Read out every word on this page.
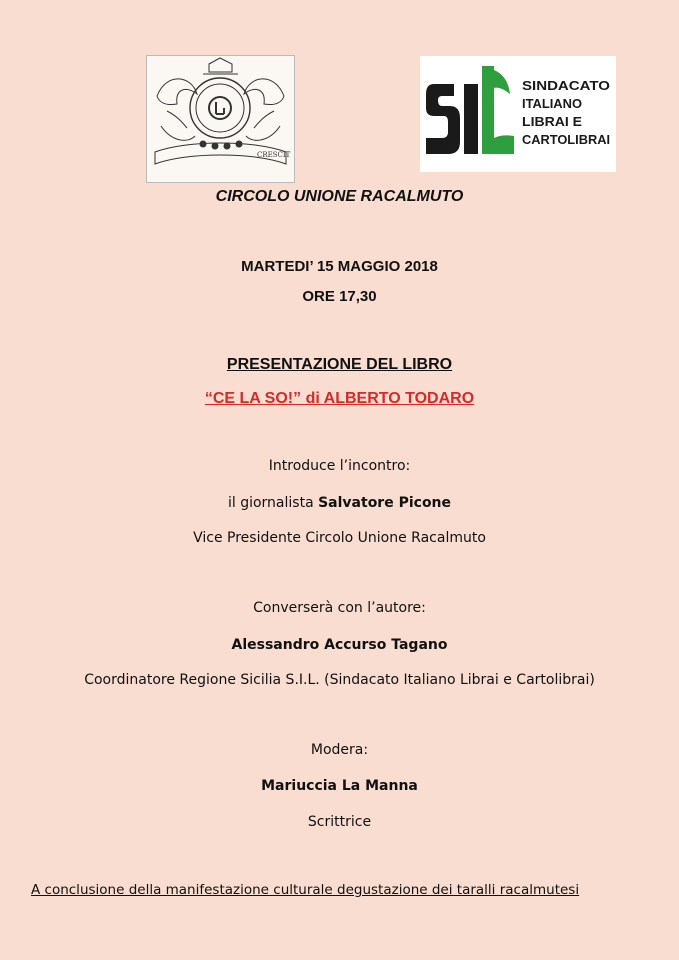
CRESCIT
SINDACATO
ITALIANO
LIBRAI E
CARTOLIBRAI

CIRCOLO UNIONE RACALMUTO

MARTEDI’ 15 MAGGIO 2018

ORE 17,30

PRESENTAZIONE DEL LIBRO

“CE LA SO!” di ALBERTO TODARO

Introduce l’incontro:

il giornalista Salvatore Picone

Vice Presidente Circolo Unione Racalmuto

Converserà con l’autore:

Alessandro Accurso Tagano

Coordinatore Regione Sicilia S.I.L. (Sindacato Italiano Librai e Cartolibrai)

Modera:

Mariuccia La Manna

Scrittrice

A conclusione della manifestazione culturale degustazione dei taralli racalmutesi
